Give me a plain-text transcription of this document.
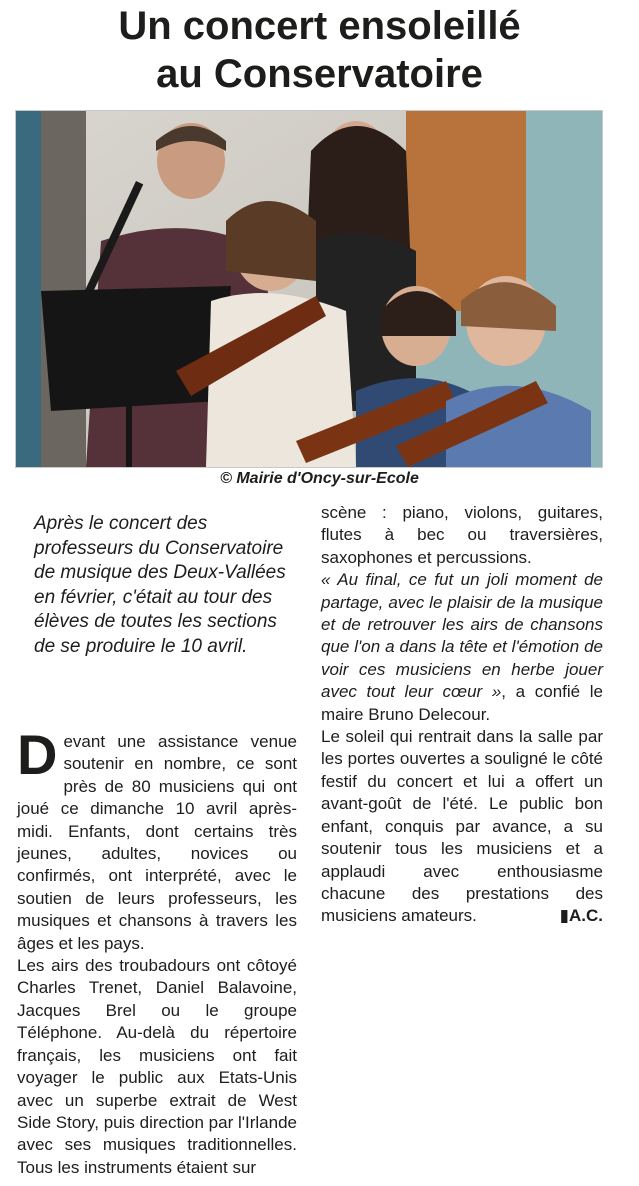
Un concert ensoleillé
au Conservatoire
© Mairie d'Oncy-sur-Ecole

Après le concert des professeurs du Conservatoire de musique des Deux-Vallées en février, c'était au tour des élèves de toutes les sections de se produire le 10 avril.

Devant une assistance venue soutenir en nombre, ce sont près de 80 musiciens qui ont joué ce dimanche 10 avril après-midi. Enfants, dont certains très jeunes, adultes, novices ou confirmés, ont interprété, avec le soutien de leurs professeurs, les musiques et chansons à travers les âges et les pays.

Les airs des troubadours ont côtoyé Charles Trenet, Daniel Balavoine, Jacques Brel ou le groupe Téléphone. Au-delà du répertoire français, les musiciens ont fait voyager le public aux Etats-Unis avec un superbe extrait de West Side Story, puis direction par l'Irlande avec ses musiques traditionnelles. Tous les instruments étaient sur

scène : piano, violons, guitares, flutes à bec ou traversières, saxophones et percussions.

« Au final, ce fut un joli moment de partage, avec le plaisir de la musique et de retrouver les airs de chansons que l'on a dans la tête et l'émotion de voir ces musiciens en herbe jouer avec tout leur cœur », a confié le maire Bruno Delecour.

Le soleil qui rentrait dans la salle par les portes ouvertes a souligné le côté festif du concert et lui a offert un avant-goût de l'été. Le public bon enfant, conquis par avance, a su soutenir tous les musiciens et a applaudi avec enthousiasme chacune des prestations des musiciens amateurs.	▮A.C.
